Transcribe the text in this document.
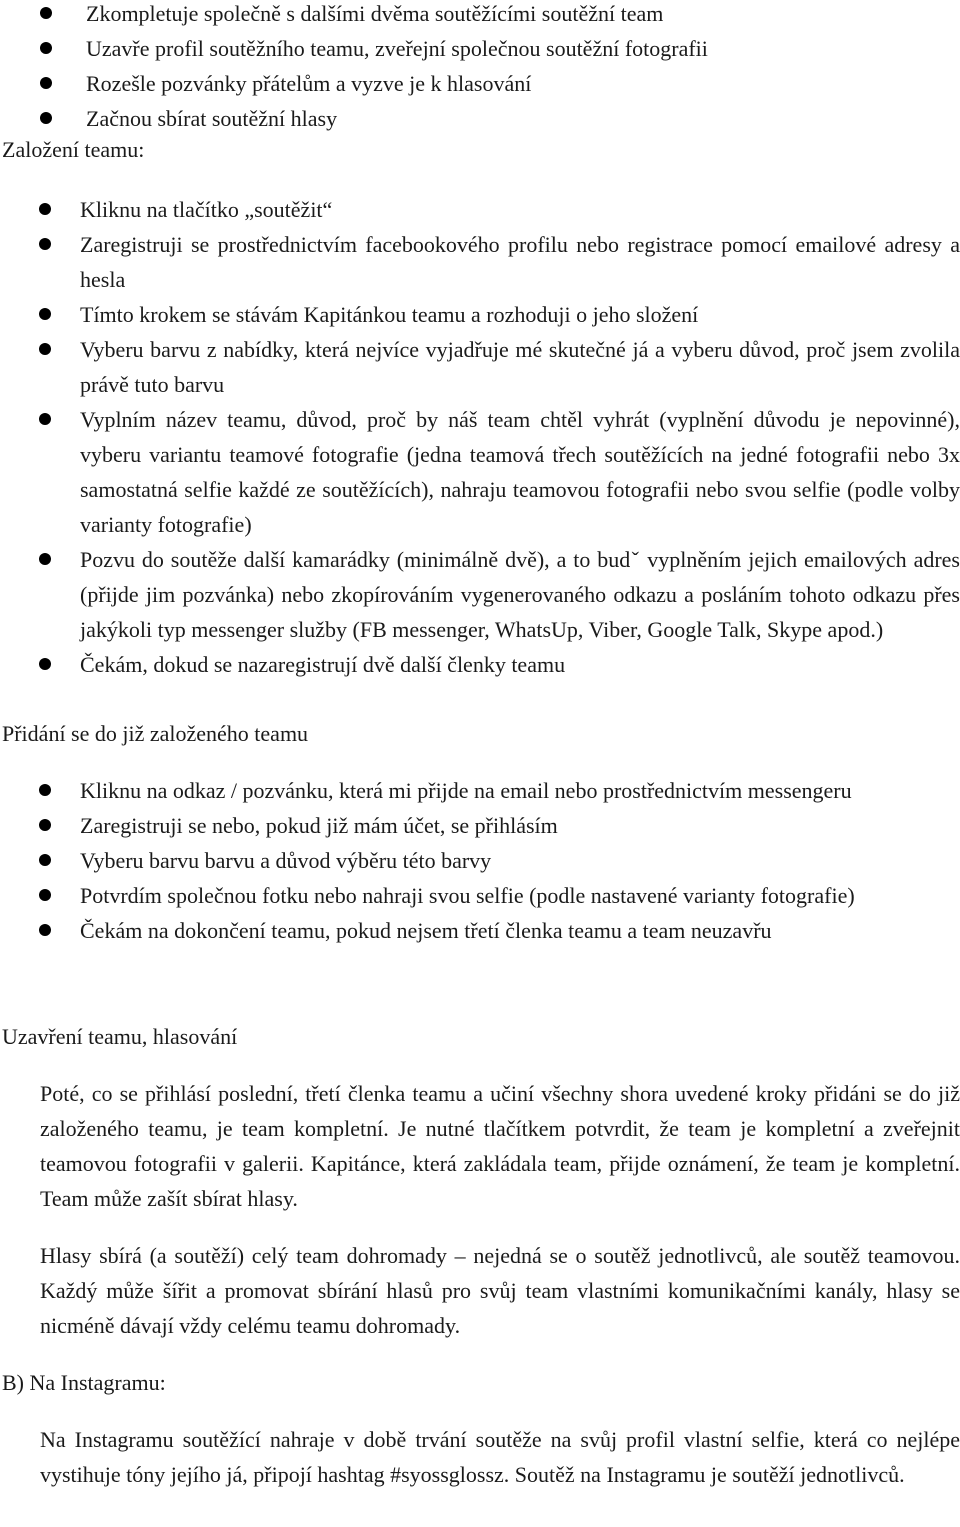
Zkompletuje společně s dalšími dvěma soutěžícími soutěžní team
Uzavře profil soutěžního teamu, zveřejní společnou soutěžní fotografii
Rozešle pozvánky přátelům a vyzve je k hlasování
Začnou sbírat soutěžní hlasy
Založení teamu:
Kliknu na tlačítko „soutěžit“
Zaregistruji se prostřednictvím facebookového profilu nebo registrace pomocí emailové adresy a hesla
Tímto krokem se stávám Kapitánkou teamu a rozhoduji o jeho složení
Vyberu barvu z nabídky, která nejvíce vyjadřuje mé skutečné já a vyberu důvod, proč jsem zvolila právě tuto barvu
Vyplním název teamu, důvod, proč by náš team chtěl vyhrát (vyplnění důvodu je nepovinné), vyberu variantu teamové fotografie (jedna teamová třech soutěžících na jedné fotografii nebo 3x samostatná selfie každé ze soutěžících), nahraju teamovou fotografii nebo svou selfie (podle volby varianty fotografie)
Pozvu do soutěže další kamarádky (minimálně dvě), a to budˇ vyplněním jejich emailových adres (přijde jim pozvánka) nebo zkopírováním vygenerovaného odkazu a posláním tohoto odkazu přes jakýkoli typ messenger služby (FB messenger, WhatsUp, Viber, Google Talk, Skype apod.)
Čekám, dokud se nazaregistrují dvě další členky teamu
Přidání se do již založeného teamu
Kliknu na odkaz / pozvánku, která mi přijde na email nebo prostřednictvím messengeru
Zaregistruji se nebo, pokud již mám účet, se přihlásím
Vyberu barvu barvu a důvod výběru této barvy
Potvrdím společnou fotku nebo nahraji svou selfie (podle nastavené varianty fotografie)
Čekám na dokončení teamu, pokud nejsem třetí členka teamu a team neuzavřu
Uzavření teamu, hlasování

Poté, co se přihlásí poslední, třetí členka teamu a učiní všechny shora uvedené kroky přidáni se do již založeného teamu, je team kompletní. Je nutné tlačítkem potvrdit, že team je kompletní a zveřejnit teamovou fotografii v galerii. Kapitánce, která zakládala team, přijde oznámení, že team je kompletní. Team může zašít sbírat hlasy.

Hlasy sbírá (a soutěží) celý team dohromady – nejedná se o soutěž jednotlivců, ale soutěž teamovou. Každý může šířit a promovat sbírání hlasů pro svůj team vlastními komunikačními kanály, hlasy se nicméně dávají vždy celému teamu dohromady.

B) Na Instagramu:

Na Instagramu soutěžící nahraje v době trvání soutěže na svůj profil vlastní selfie, která co nejlépe vystihuje tóny jejího já, připojí hashtag #syossglossz. Soutěž na Instagramu je soutěží jednotlivců.
